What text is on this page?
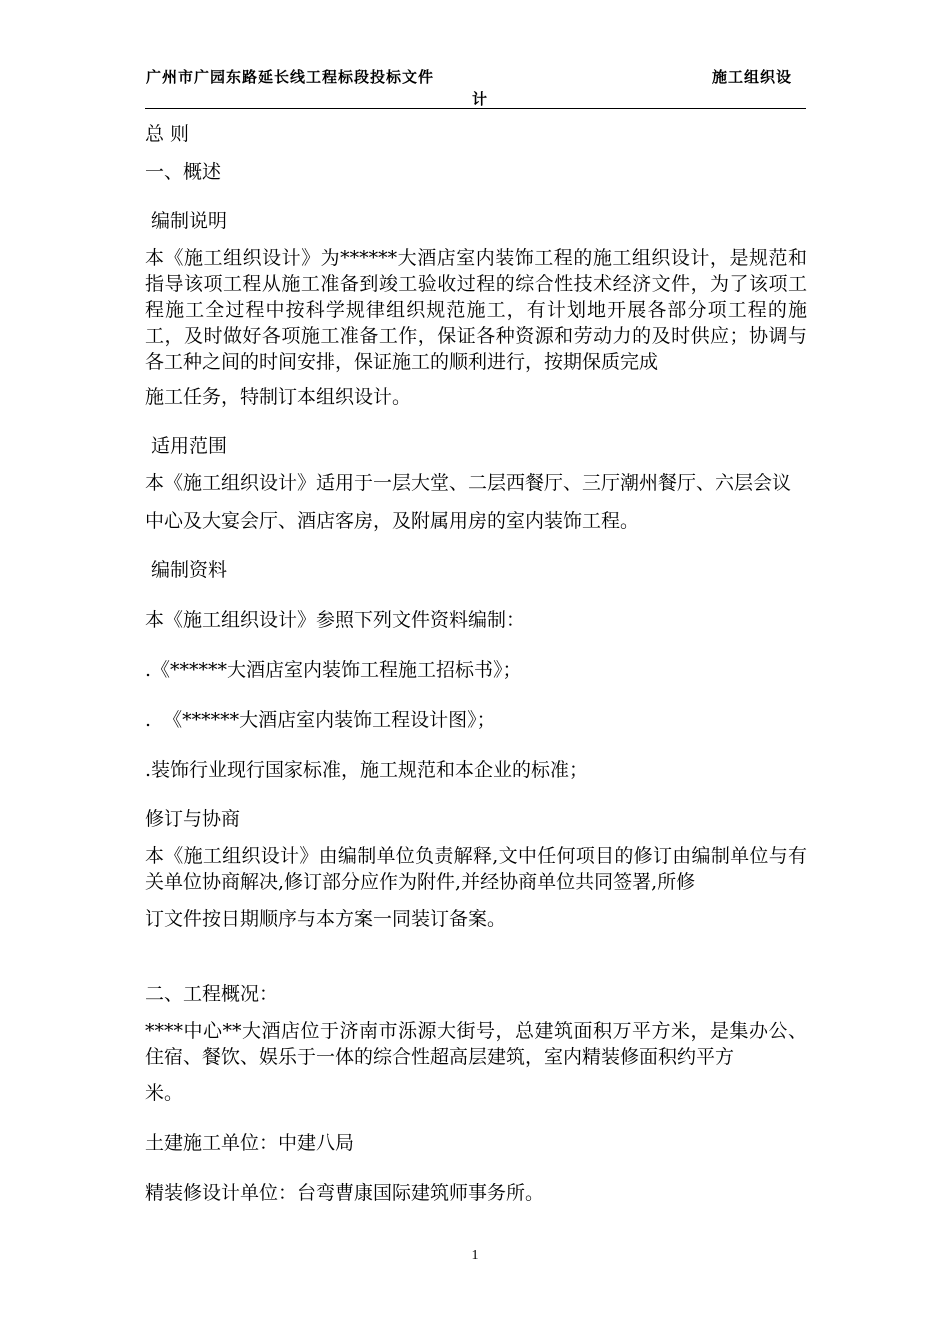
广州市广园东路延长线工程标段投标文件
计
施工组织设
总 则
一、概述
编制说明
本《施工组织设计》为******大酒店室内装饰工程的施工组织设计，是规范和指导该项工程从施工准备到竣工验收过程的综合性技术经济文件，为了该项工程施工全过程中按科学规律组织规范施工，有计划地开展各部分项工程的施工，及时做好各项施工准备工作，保证各种资源和劳动力的及时供应；协调与各工种之间的时间安排，保证施工的顺利进行，按期保质完成
施工任务，特制订本组织设计。
适用范围
本《施工组织设计》适用于一层大堂、二层西餐厅、三厅潮州餐厅、六层会议
中心及大宴会厅、酒店客房，及附属用房的室内装饰工程。
编制资料
本《施工组织设计》参照下列文件资料编制：
.《******大酒店室内装饰工程施工招标书》；
.  《******大酒店室内装饰工程设计图》；
.装饰行业现行国家标准，施工规范和本企业的标准；
修订与协商
本《施工组织设计》由编制单位负责解释,文中任何项目的修订由编制单位与有关单位协商解决,修订部分应作为附件,并经协商单位共同签署,所修
订文件按日期顺序与本方案一同装订备案。
二、工程概况：
****中心**大酒店位于济南市泺源大街号，总建筑面积万平方米，是集办公、住宿、餐饮、娱乐于一体的综合性超高层建筑，室内精装修面积约平方
米。
土建施工单位：中建八局
精装修设计单位：台弯曹康国际建筑师事务所。
1
